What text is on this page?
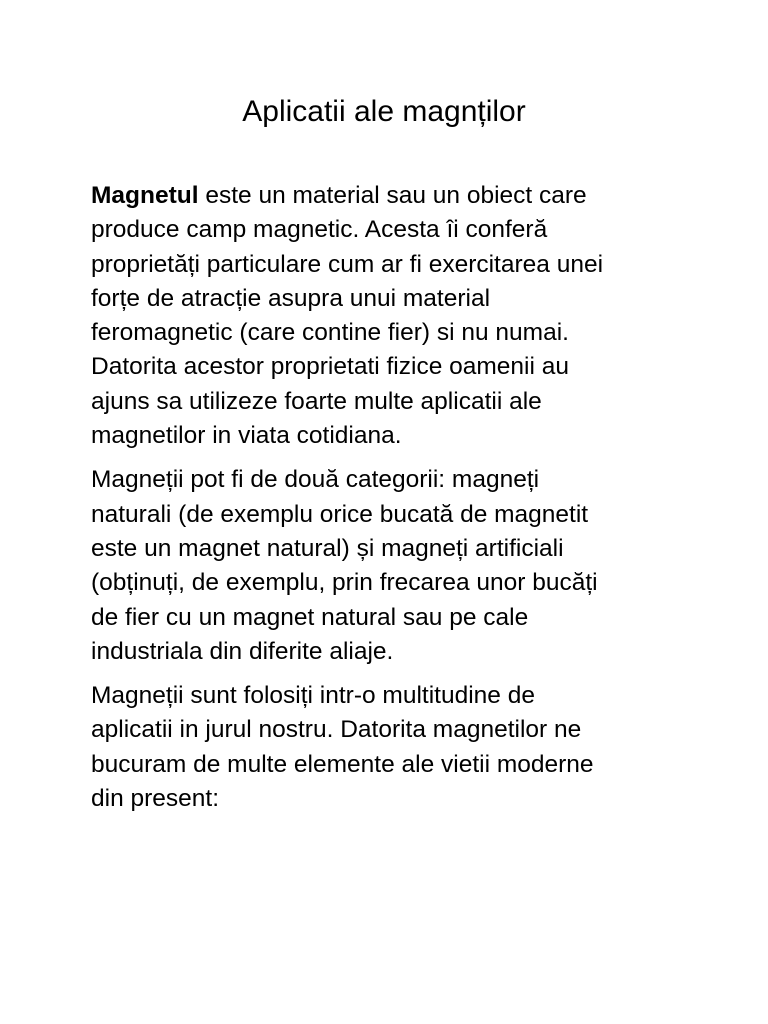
Aplicatii ale magnților

Magnetul este un material sau un obiect care
produce camp magnetic. Acesta îi conferă
proprietăți particulare cum ar fi exercitarea unei
forțe de atracție asupra unui material
feromagnetic (care contine fier) si nu numai.
Datorita acestor proprietati fizice oamenii au
ajuns sa utilizeze foarte multe aplicatii ale
magnetilor in viata cotidiana.

Magneții pot fi de două categorii: magneți
naturali (de exemplu orice bucată de magnetit
este un magnet natural) și magneți artificiali
(obținuți, de exemplu, prin frecarea unor bucăți
de fier cu un magnet natural sau pe cale
industriala din diferite aliaje.

Magneții sunt folosiți intr-o multitudine de
aplicatii in jurul nostru. Datorita magnetilor ne
bucuram de multe elemente ale vietii moderne
din present:
